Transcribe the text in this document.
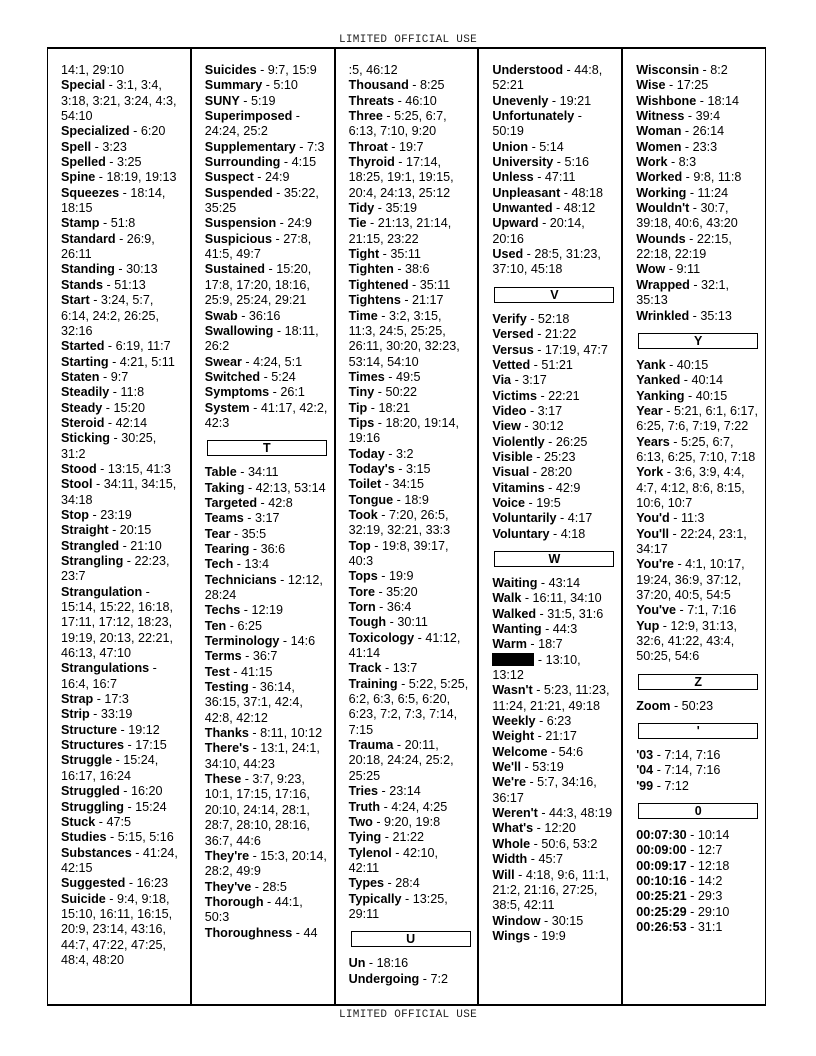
LIMITED OFFICIAL USE
14:1, 29:10
Special - 3:1, 3:4, 3:18, 3:21, 3:24, 4:3, 54:10
Specialized - 6:20
Spell - 3:23
Spelled - 3:25
Spine - 18:19, 19:13
Squeezes - 18:14, 18:15
Stamp - 51:8
Standard - 26:9, 26:11
Standing - 30:13
Stands - 51:13
Start - 3:24, 5:7, 6:14, 24:2, 26:25, 32:16
Started - 6:19, 11:7
Starting - 4:21, 5:11
Staten - 9:7
Steadily - 11:8
Steady - 15:20
Steroid - 42:14
Sticking - 30:25, 31:2
Stood - 13:15, 41:3
Stool - 34:11, 34:15, 34:18
Stop - 23:19
Straight - 20:15
Strangled - 21:10
Strangling - 22:23, 23:7
Strangulation - 15:14, 15:22, 16:18, 17:11, 17:12, 18:23, 19:19, 20:13, 22:21, 46:13, 47:10
Strangulations - 16:4, 16:7
Strap - 17:3
Strip - 33:19
Structure - 19:12
Structures - 17:15
Struggle - 15:24, 16:17, 16:24
Struggled - 16:20
Struggling - 15:24
Stuck - 47:5
Studies - 5:15, 5:16
Substances - 41:24, 42:15
Suggested - 16:23
Suicide - 9:4, 9:18, 15:10, 16:11, 16:15, 20:9, 23:14, 43:16, 44:7, 47:22, 47:25, 48:4, 48:20
Suicides - 9:7, 15:9
Summary - 5:10
SUNY - 5:19
Superimposed - 24:24, 25:2
Supplementary - 7:3
Surrounding - 4:15
Suspect - 24:9
Suspended - 35:22, 35:25
Suspension - 24:9
Suspicious - 27:8, 41:5, 49:7
Sustained - 15:20, 17:8, 17:20, 18:16, 25:9, 25:24, 29:21
Swab - 36:16
Swallowing - 18:11, 26:2
Swear - 4:24, 5:1
Switched - 5:24
Symptoms - 26:1
System - 41:17, 42:2, 42:3
T
Table - 34:11
Taking - 42:13, 53:14
Targeted - 42:8
Teams - 3:17
Tear - 35:5
Tearing - 36:6
Tech - 13:4
Technicians - 12:12, 28:24
Techs - 12:19
Ten - 6:25
Terminology - 14:6
Terms - 36:7
Test - 41:15
Testing - 36:14, 36:15, 37:1, 42:4, 42:8, 42:12
Thanks - 8:11, 10:12
There's - 13:1, 24:1, 34:10, 44:23
These - 3:7, 9:23, 10:1, 17:15, 17:16, 20:10, 24:14, 28:1, 28:7, 28:10, 28:16, 36:7, 44:6
They're - 15:3, 20:14, 28:2, 49:9
They've - 28:5
Thorough - 44:1, 50:3
Thoroughness - 44
:5, 46:12
Thousand - 8:25
Threats - 46:10
Three - 5:25, 6:7, 6:13, 7:10, 9:20
Throat - 19:7
Thyroid - 17:14, 18:25, 19:1, 19:15, 20:4, 24:13, 25:12
Tidy - 35:19
Tie - 21:13, 21:14, 21:15, 23:22
Tight - 35:11
Tighten - 38:6
Tightened - 35:11
Tightens - 21:17
Time - 3:2, 3:15, 11:3, 24:5, 25:25, 26:11, 30:20, 32:23, 53:14, 54:10
Times - 49:5
Tiny - 50:22
Tip - 18:21
Tips - 18:20, 19:14, 19:16
Today - 3:2
Today's - 3:15
Toilet - 34:15
Tongue - 18:9
Took - 7:20, 26:5, 32:19, 32:21, 33:3
Top - 19:8, 39:17, 40:3
Tops - 19:9
Tore - 35:20
Torn - 36:4
Tough - 30:11
Toxicology - 41:12, 41:14
Track - 13:7
Training - 5:22, 5:25, 6:2, 6:3, 6:5, 6:20, 6:23, 7:2, 7:3, 7:14, 7:15
Trauma - 20:11, 20:18, 24:24, 25:2, 25:25
Tries - 23:14
Truth - 4:24, 4:25
Two - 9:20, 19:8
Tying - 21:22
Tylenol - 42:10, 42:11
Types - 28:4
Typically - 13:25, 29:11
U
Un - 18:16
Undergoing - 7:2
Understood - 44:8, 52:21
Unevenly - 19:21
Unfortunately - 50:19
Union - 5:14
University - 5:16
Unless - 47:11
Unpleasant - 48:18
Unwanted - 48:12
Upward - 20:14, 20:16
Used - 28:5, 31:23, 37:10, 45:18
V
Verify - 52:18
Versed - 21:22
Versus - 17:19, 47:7
Vetted - 51:21
Via - 3:17
Victims - 22:21
Video - 3:17
View - 30:12
Violently - 26:25
Visible - 25:23
Visual - 28:20
Vitamins - 42:9
Voice - 19:5
Voluntarily - 4:17
Voluntary - 4:18
W
Waiting - 43:14
Walk - 16:11, 34:10
Walked - 31:5, 31:6
Wanting - 44:3
Warm - 18:7
- 13:10, 13:12
Wasn't - 5:23, 11:23, 11:24, 21:21, 49:18
Weekly - 6:23
Weight - 21:17
Welcome - 54:6
We'll - 53:19
We're - 5:7, 34:16, 36:17
Weren't - 44:3, 48:19
What's - 12:20
Whole - 50:6, 53:2
Width - 45:7
Will - 4:18, 9:6, 11:1, 21:2, 21:16, 27:25, 38:5, 42:11
Window - 30:15
Wings - 19:9
Wisconsin - 8:2
Wise - 17:25
Wishbone - 18:14
Witness - 39:4
Woman - 26:14
Women - 23:3
Work - 8:3
Worked - 9:8, 11:8
Working - 11:24
Wouldn't - 30:7, 39:18, 40:6, 43:20
Wounds - 22:15, 22:18, 22:19
Wow - 9:11
Wrapped - 32:1, 35:13
Wrinkled - 35:13
Y
Yank - 40:15
Yanked - 40:14
Yanking - 40:15
Year - 5:21, 6:1, 6:17, 6:25, 7:6, 7:19, 7:22
Years - 5:25, 6:7, 6:13, 6:25, 7:10, 7:18
York - 3:6, 3:9, 4:4, 4:7, 4:12, 8:6, 8:15, 10:6, 10:7
You'd - 11:3
You'll - 22:24, 23:1, 34:17
You're - 4:1, 10:17, 19:24, 36:9, 37:12, 37:20, 40:5, 54:5
You've - 7:1, 7:16
Yup - 12:9, 31:13, 32:6, 41:22, 43:4, 50:25, 54:6
Z
Zoom - 50:23
'
'03 - 7:14, 7:16
'04 - 7:14, 7:16
'99 - 7:12
0
00:07:30 - 10:14
00:09:00 - 12:7
00:09:17 - 12:18
00:10:16 - 14:2
00:25:21 - 29:3
00:25:29 - 29:10
00:26:53 - 31:1
LIMITED OFFICIAL USE
